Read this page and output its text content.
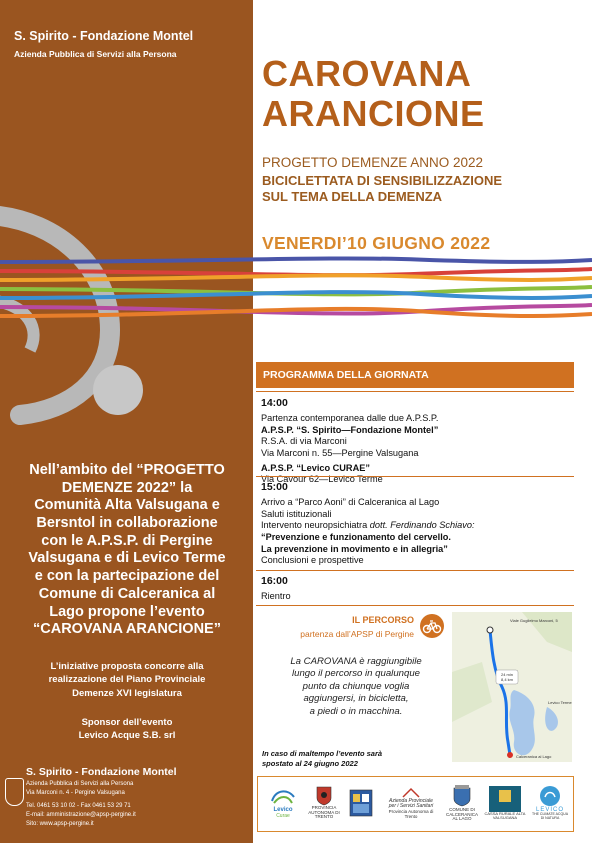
S. Spirito - Fondazione Montel
Azienda Pubblica di Servizi alla Persona
Nell’ambito del “PROGETTO
DEMENZE 2022” la
Comunità Alta Valsugana e
Bersntol in collaborazione
con le A.P.S.P. di Pergine
Valsugana e di Levico Terme
e con la partecipazione del
Comune di Calceranica al
Lago propone l’evento
“CAROVANA ARANCIONE”
L’iniziative proposta concorre alla
realizzazione del Piano Provinciale
Demenze XVI legislatura
Sponsor dell’evento
Levico Acque S.B. srl
S. Spirito - Fondazione Montel
Azienda Pubblica di Servizi alla Persona
Via Marconi n. 4 - Pergine Valsugana
Tel. 0461 53 10 02 - Fax 0461 53 29 71
E-mail: amministrazione@apsp-pergine.it
Sito: www.apsp-pergine.it
CAROVANA
ARANCIONE
PROGETTO DEMENZE ANNO 2022
BICICLETTATA DI SENSIBILIZZAZIONE
SUL TEMA DELLA DEMENZA
VENERDI’10 GIUGNO 2022
PROGRAMMA DELLA GIORNATA
14:00
Partenza contemporanea dalle due A.P.S.P.
A.P.S.P. “S. Spirito—Fondazione Montel”
R.S.A. di via Marconi
Via Marconi n. 55—Pergine Valsugana
A.P.S.P. “Levico CURAE”
Via Cavour 62—Levico Terme
15:00
Arrivo a “Parco Aoni” di Calceranica al Lago
Saluti istituzionali
Intervento neuropsichiatra dott. Ferdinando Schiavo:
“Prevenzione e funzionamento del cervello.
La prevenzione in movimento e in allegria”
Conclusioni e prospettive
16:00
Rientro
IL PERCORSO
partenza dall’APSP di Pergine
La CAROVANA è raggiungibile
lungo il percorso in qualunque
punto da chiunque voglia
aggiungersi, in bicicletta,
a piedi o in macchina.
24 min
8,4 km
Viale Guglielmo Marconi, 5
Levico Terme
Calceranica al Lago
In caso di maltempo l’evento sarà
spostato al 24 giugno 2022
Levico
Curae
PROVINCIA AUTONOMA DI TRENTO
Azienda Provinciale
per i Servizi Sanitari
Provincia Autonoma di Trento
COMUNE DI CALCERANICA AL LAGO
CASSA RURALE ALTA VALSUGANA
LEVICO
THE CLIMATE ACQUA DI NATURA
